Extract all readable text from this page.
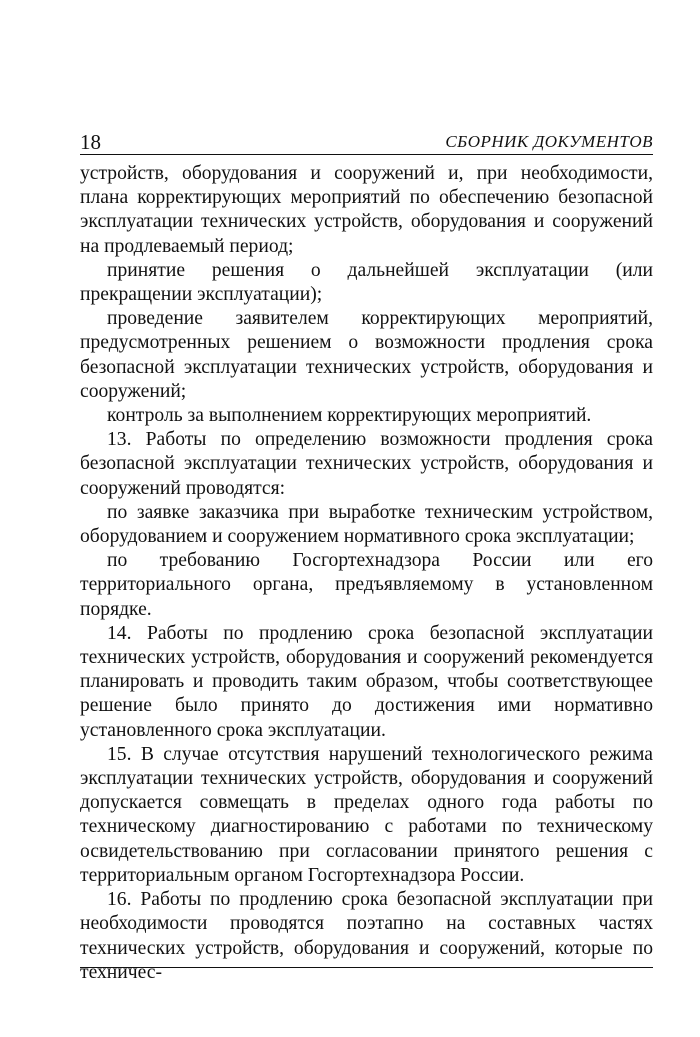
18	СБОРНИК ДОКУМЕНТОВ

устройств, оборудования и сооружений и, при необходимости, плана корректирующих мероприятий по обеспечению безопасной эксплуатации технических устройств, оборудования и сооружений на продлеваемый период;

принятие решения о дальнейшей эксплуатации (или прекращении эксплуатации);

проведение заявителем корректирующих мероприятий, предусмотренных решением о возможности продления срока безопасной эксплуатации технических устройств, оборудования и сооружений;

контроль за выполнением корректирующих мероприятий.

13. Работы по определению возможности продления срока безопасной эксплуатации технических устройств, оборудования и сооружений проводятся:

по заявке заказчика при выработке техническим устройством, оборудованием и сооружением нормативного срока эксплуатации;

по требованию Госгортехнадзора России или его территориального органа, предъявляемому в установленном порядке.

14. Работы по продлению срока безопасной эксплуатации технических устройств, оборудования и сооружений рекомендуется планировать и проводить таким образом, чтобы соответствующее решение было принято до достижения ими нормативно установленного срока эксплуатации.

15. В случае отсутствия нарушений технологического режима эксплуатации технических устройств, оборудования и сооружений допускается совмещать в пределах одного года работы по техническому диагностированию с работами по техническому освидетельствованию при согласовании принятого решения с территориальным органом Госгортехнадзора России.

16. Работы по продлению срока безопасной эксплуатации при необходимости проводятся поэтапно на составных частях технических устройств, оборудования и сооружений, которые по техничес-
